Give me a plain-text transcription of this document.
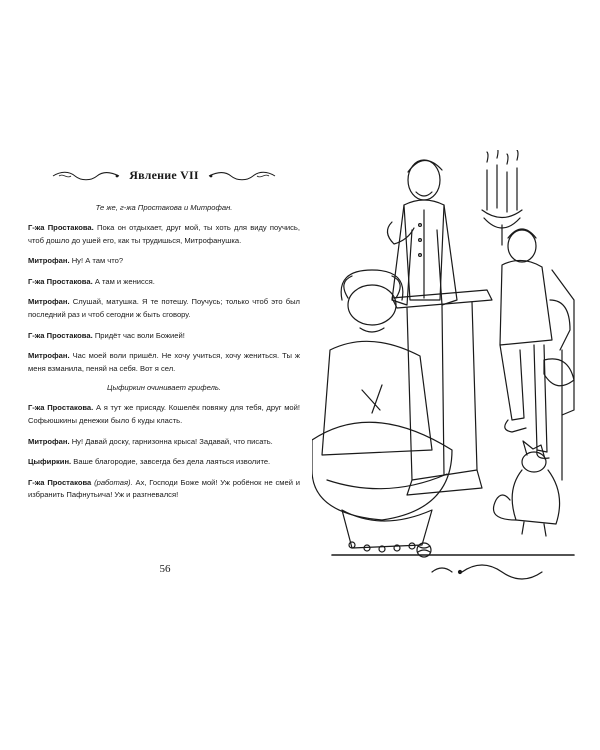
Явление VII

Те же, г-жа Простакова и Митрофан.

Г-жа Простакова. Пока он отдыхает, друг мой, ты хоть для виду поучись, чтоб дошло до ушей его, как ты трудишься, Митрофанушка.

Митрофан. Ну! А там что?

Г-жа Простакова. А там и женисся.

Митрофан. Слушай, матушка. Я те потешу. Поучусь; только чтоб это был последний раз и чтоб сегодни ж быть сговору.

Г-жа Простакова. Придёт час воли Божией!

Митрофан. Час моей воли пришёл. Не хочу учиться, хочу жениться. Ты ж меня взманила, пеняй на себя. Вот я сел.

Цыфиркин очинивает грифель.

Г-жа Простакова. А я тут же присяду. Кошелёк повяжу для тебя, друг мой! Софьюшкины денежки было б куды класть.

Митрофан. Ну! Давай доску, гарнизонна крыса! Задавай, что писать.

Цыфиркин. Ваше благородие, завсегда без дела лаяться изволите.

Г-жа Простакова (работая). Ах, Господи Боже мой! Уж робёнок не смей и избранить Пафнутьича! Уж и разгневался!

56
